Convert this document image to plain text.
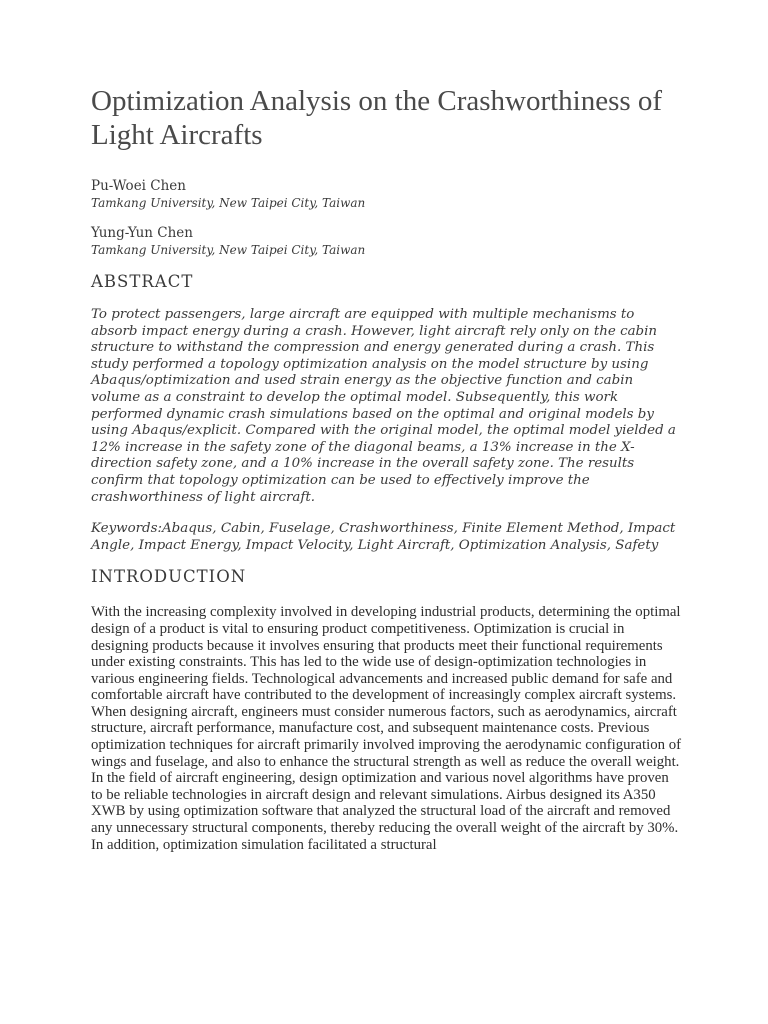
Optimization Analysis on the Crashworthiness of Light Aircrafts
Pu-Woei Chen
Tamkang University, New Taipei City, Taiwan
Yung-Yun Chen
Tamkang University, New Taipei City, Taiwan
ABSTRACT

To protect passengers, large aircraft are equipped with multiple mechanisms to absorb impact energy during a crash. However, light aircraft rely only on the cabin structure to withstand the compression and energy generated during a crash. This study performed a topology optimization analysis on the model structure by using Abaqus/optimization and used strain energy as the objective function and cabin volume as a constraint to develop the optimal model. Subsequently, this work performed dynamic crash simulations based on the optimal and original models by using Abaqus/explicit. Compared with the original model, the optimal model yielded a 12% increase in the safety zone of the diagonal beams, a 13% increase in the X-direction safety zone, and a 10% increase in the overall safety zone. The results confirm that topology optimization can be used to effectively improve the crashworthiness of light aircraft.

Keywords:Abaqus, Cabin, Fuselage, Crashworthiness, Finite Element Method, Impact Angle, Impact Energy, Impact Velocity, Light Aircraft, Optimization Analysis, Safety

INTRODUCTION

With the increasing complexity involved in developing industrial products, determining the optimal design of a product is vital to ensuring product competitiveness. Optimization is crucial in designing products because it involves ensuring that products meet their functional requirements under existing constraints. This has led to the wide use of design-optimization technologies in various engineering fields. Technological advancements and increased public demand for safe and comfortable aircraft have contributed to the development of increasingly complex aircraft systems. When designing aircraft, engineers must consider numerous factors, such as aerodynamics, aircraft structure, aircraft performance, manufacture cost, and subsequent maintenance costs. Previous optimization techniques for aircraft primarily involved improving the aerodynamic configuration of wings and fuselage, and also to enhance the structural strength as well as reduce the overall weight. In the field of aircraft engineering, design optimization and various novel algorithms have proven to be reliable technologies in aircraft design and relevant simulations. Airbus designed its A350 XWB by using optimization software that analyzed the structural load of the aircraft and removed any unnecessary structural components, thereby reducing the overall weight of the aircraft by 30%. In addition, optimization simulation facilitated a structural
